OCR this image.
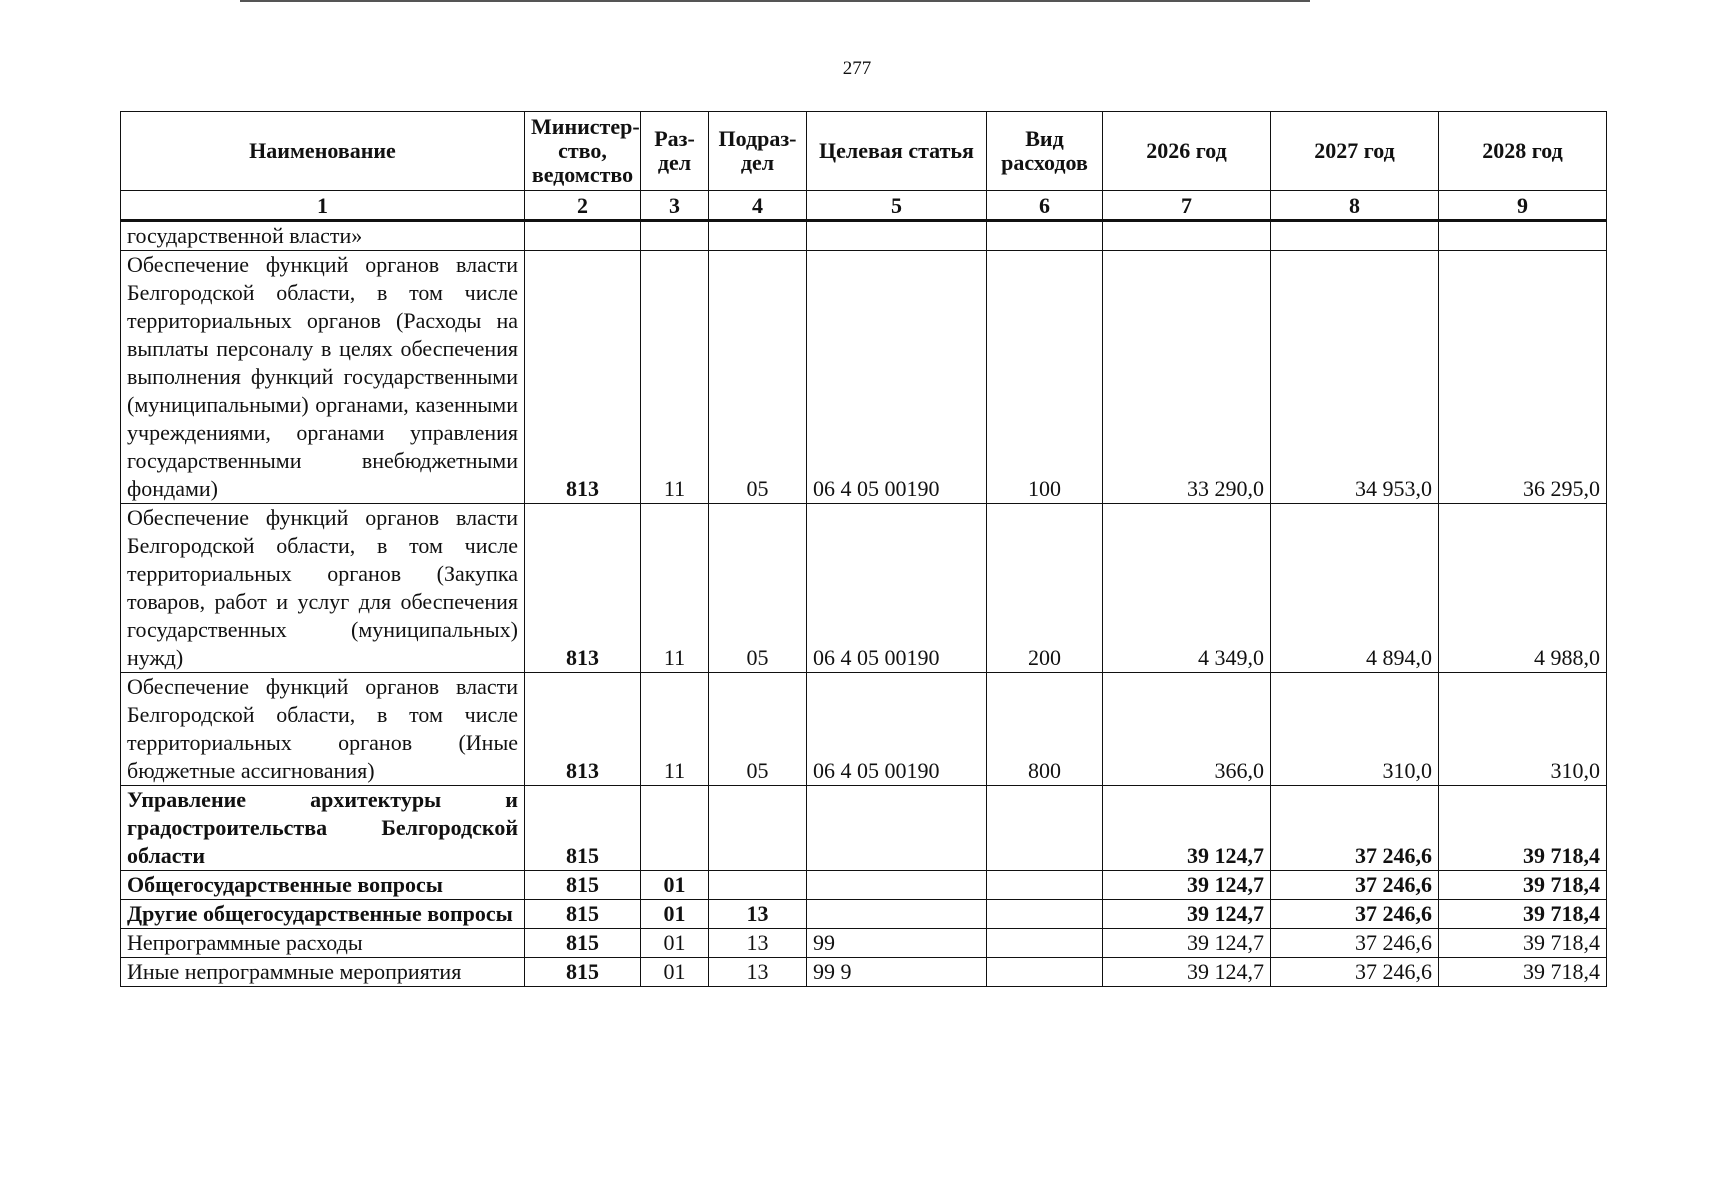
277
Наименование	Министер-ство, ведомство	Раз-дел	Подраз-дел	Целевая статья	Вид расходов	2026 год	2027 год	2028 год
1	2	3	4	5	6	7	8	9
государственной власти»								
Обеспечение функций органов власти Белгородской области, в том числе территориальных органов (Расходы на выплаты персоналу в целях обеспечения выполнения функций государственными (муниципальными) органами, казенными учреждениями, органами управления государственными внебюджетными фондами)	813	11	05	06 4 05 00190	100	33 290,0	34 953,0	36 295,0
Обеспечение функций органов власти Белгородской области, в том числе территориальных органов (Закупка товаров, работ и услуг для обеспечения государственных (муниципальных) нужд)	813	11	05	06 4 05 00190	200	4 349,0	4 894,0	4 988,0
Обеспечение функций органов власти Белгородской области, в том числе территориальных органов (Иные бюджетные ассигнования)	813	11	05	06 4 05 00190	800	366,0	310,0	310,0
Управление архитектуры и градостроительства Белгородской области	815					39 124,7	37 246,6	39 718,4
Общегосударственные вопросы	815	01				39 124,7	37 246,6	39 718,4
Другие общегосударственные вопросы	815	01	13			39 124,7	37 246,6	39 718,4
Непрограммные расходы	815	01	13	99		39 124,7	37 246,6	39 718,4
Иные непрограммные мероприятия	815	01	13	99 9		39 124,7	37 246,6	39 718,4
